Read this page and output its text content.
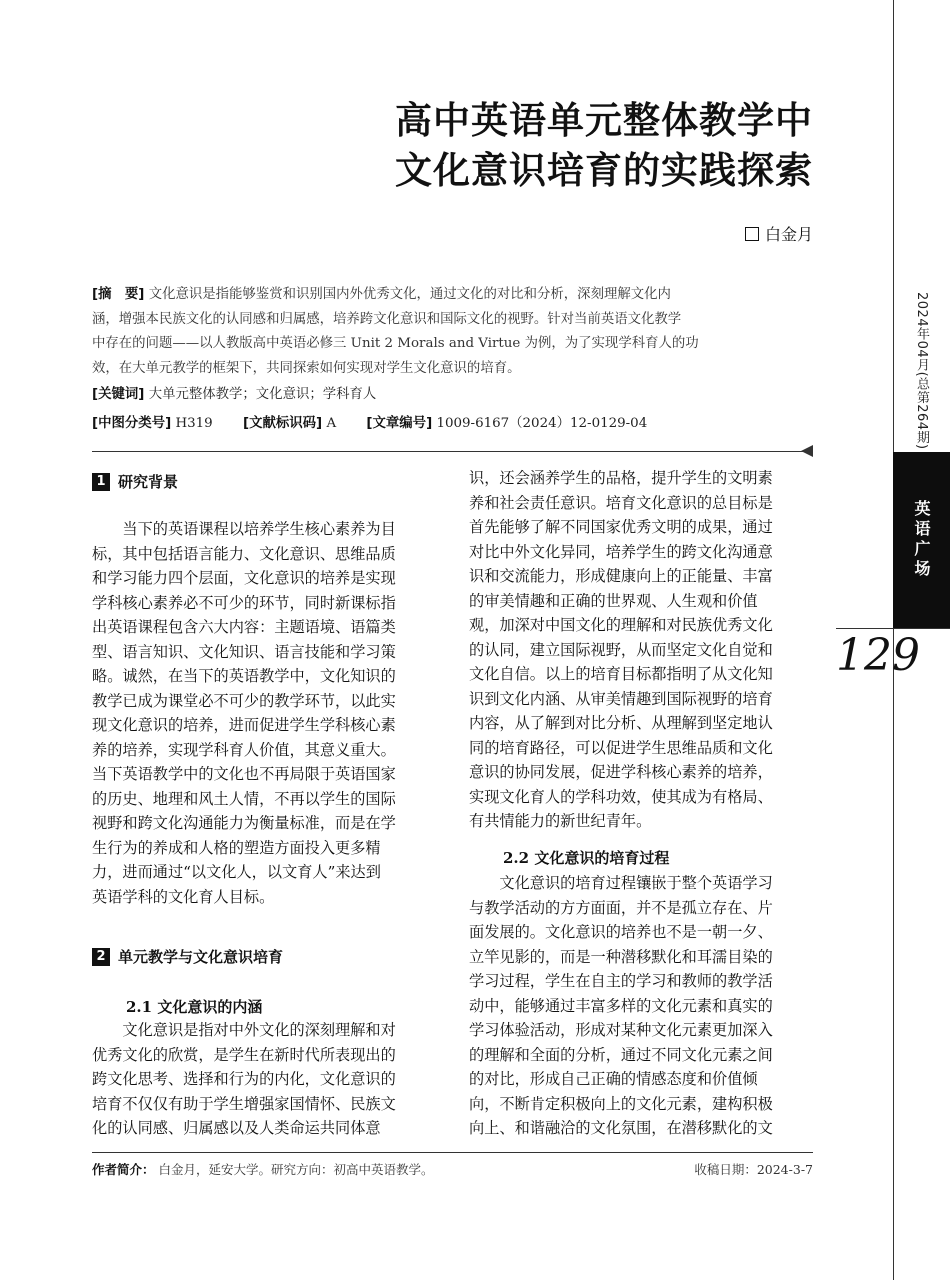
2024年04月(总第264期)
英语广场
129
高中英语单元整体教学中
文化意识培育的实践探索
白金月
[摘　要] 文化意识是指能够鉴赏和识别国内外优秀文化，通过文化的对比和分析，深刻理解文化内
涵，增强本民族文化的认同感和归属感，培养跨文化意识和国际文化的视野。针对当前英语文化教学
中存在的问题——以人教版高中英语必修三 Unit 2 Morals and Virtue 为例，为了实现学科育人的功
效，在大单元教学的框架下，共同探索如何实现对学生文化意识的培育。
[关键词] 大单元整体教学；文化意识；学科育人
[中图分类号] H319 [文献标识码] A [文章编号] 1009-6167（2024）12-0129-04
1 研究背景
　　当下的英语课程以培养学生核心素养为目
标，其中包括语言能力、文化意识、思维品质
和学习能力四个层面，文化意识的培养是实现
学科核心素养必不可少的环节，同时新课标指
出英语课程包含六大内容：主题语境、语篇类
型、语言知识、文化知识、语言技能和学习策
略。诚然，在当下的英语教学中，文化知识的
教学已成为课堂必不可少的教学环节，以此实
现文化意识的培养，进而促进学生学科核心素
养的培养，实现学科育人价值，其意义重大。
当下英语教学中的文化也不再局限于英语国家
的历史、地理和风土人情，不再以学生的国际
视野和跨文化沟通能力为衡量标准，而是在学
生行为的养成和人格的塑造方面投入更多精
力，进而通过“以文化人，以文育人”来达到
英语学科的文化育人目标。
2 单元教学与文化意识培育
2.1 文化意识的内涵
　　文化意识是指对中外文化的深刻理解和对
优秀文化的欣赏，是学生在新时代所表现出的
跨文化思考、选择和行为的内化，文化意识的
培育不仅仅有助于学生增强家国情怀、民族文
化的认同感、归属感以及人类命运共同体意
识，还会涵养学生的品格，提升学生的文明素
养和社会责任意识。培育文化意识的总目标是
首先能够了解不同国家优秀文明的成果，通过
对比中外文化异同，培养学生的跨文化沟通意
识和交流能力，形成健康向上的正能量、丰富
的审美情趣和正确的世界观、人生观和价值
观，加深对中国文化的理解和对民族优秀文化
的认同，建立国际视野，从而坚定文化自觉和
文化自信。以上的培育目标都指明了从文化知
识到文化内涵、从审美情趣到国际视野的培育
内容，从了解到对比分析、从理解到坚定地认
同的培育路径，可以促进学生思维品质和文化
意识的协同发展，促进学科核心素养的培养，
实现文化育人的学科功效，使其成为有格局、
有共情能力的新世纪青年。
2.2 文化意识的培育过程
　　文化意识的培育过程镶嵌于整个英语学习
与教学活动的方方面面，并不是孤立存在、片
面发展的。文化意识的培养也不是一朝一夕、
立竿见影的，而是一种潜移默化和耳濡目染的
学习过程，学生在自主的学习和教师的教学活
动中，能够通过丰富多样的文化元素和真实的
学习体验活动，形成对某种文化元素更加深入
的理解和全面的分析，通过不同文化元素之间
的对比，形成自己正确的情感态度和价值倾
向，不断肯定积极向上的文化元素，建构积极
向上、和谐融洽的文化氛围，在潜移默化的文
作者简介： 白金月，延安大学。研究方向：初高中英语教学。	收稿日期：2024-3-7
